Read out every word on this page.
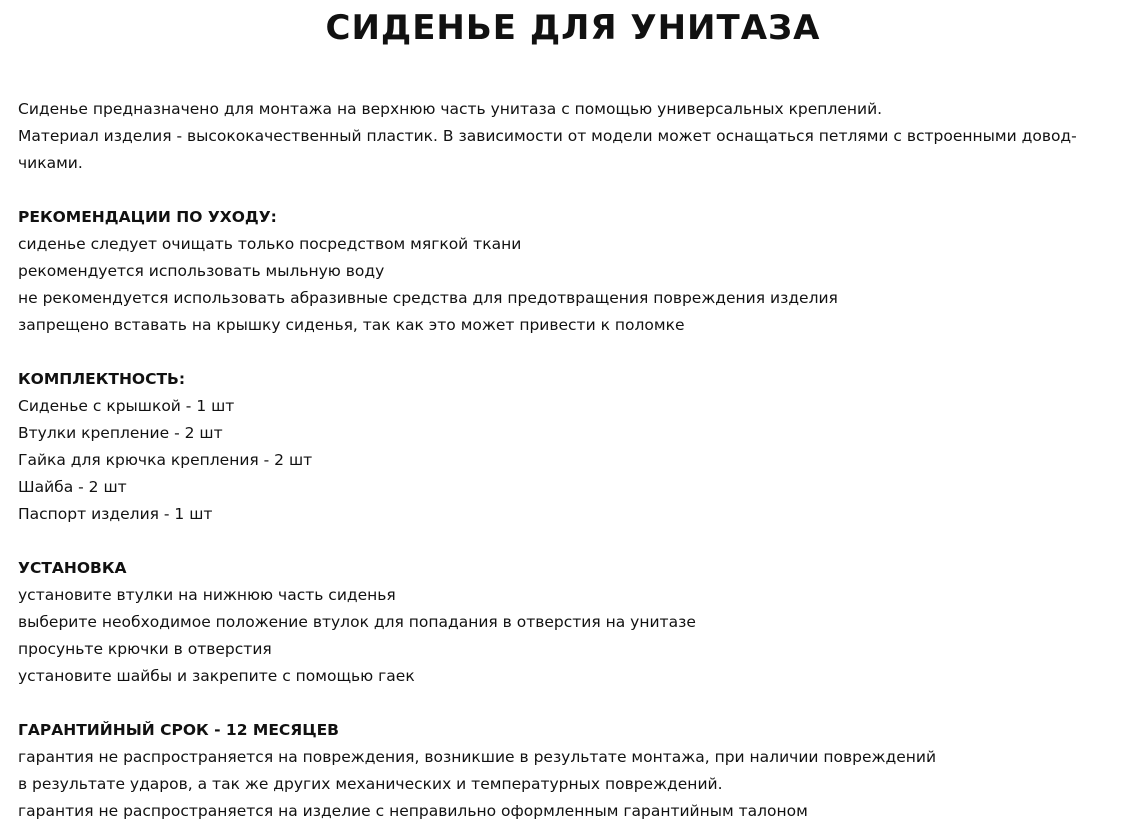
СИДЕНЬЕ ДЛЯ УНИТАЗА

Сиденье предназначено для монтажа на верхнюю часть унитаза с помощью универсальных креплений.

Материал изделия - высококачественный пластик. В зависимости от модели может оснащаться петлями с встроенными довод-

чиками.

РЕКОМЕНДАЦИИ ПО УХОДУ:

сиденье следует очищать только посредством мягкой ткани

рекомендуется использовать мыльную воду

не рекомендуется использовать абразивные средства для предотвращения повреждения изделия

запрещено вставать на крышку сиденья, так как это может привести к поломке

КОМПЛЕКТНОСТЬ:

Сиденье с крышкой - 1 шт

Втулки крепление - 2 шт

Гайка для крючка крепления - 2 шт

Шайба - 2 шт

Паспорт изделия - 1 шт

УСТАНОВКА

установите втулки на нижнюю часть сиденья

выберите необходимое положение втулок для попадания в отверстия на унитазе

просуньте крючки в отверстия

установите шайбы и закрепите с помощью гаек

ГАРАНТИЙНЫЙ СРОК - 12 МЕСЯЦЕВ

гарантия не распространяется на повреждения, возникшие в результате монтажа, при наличии повреждений

в результате ударов, а так же других механических и температурных повреждений.

гарантия не распространяется на изделие с неправильно оформленным гарантийным талоном
